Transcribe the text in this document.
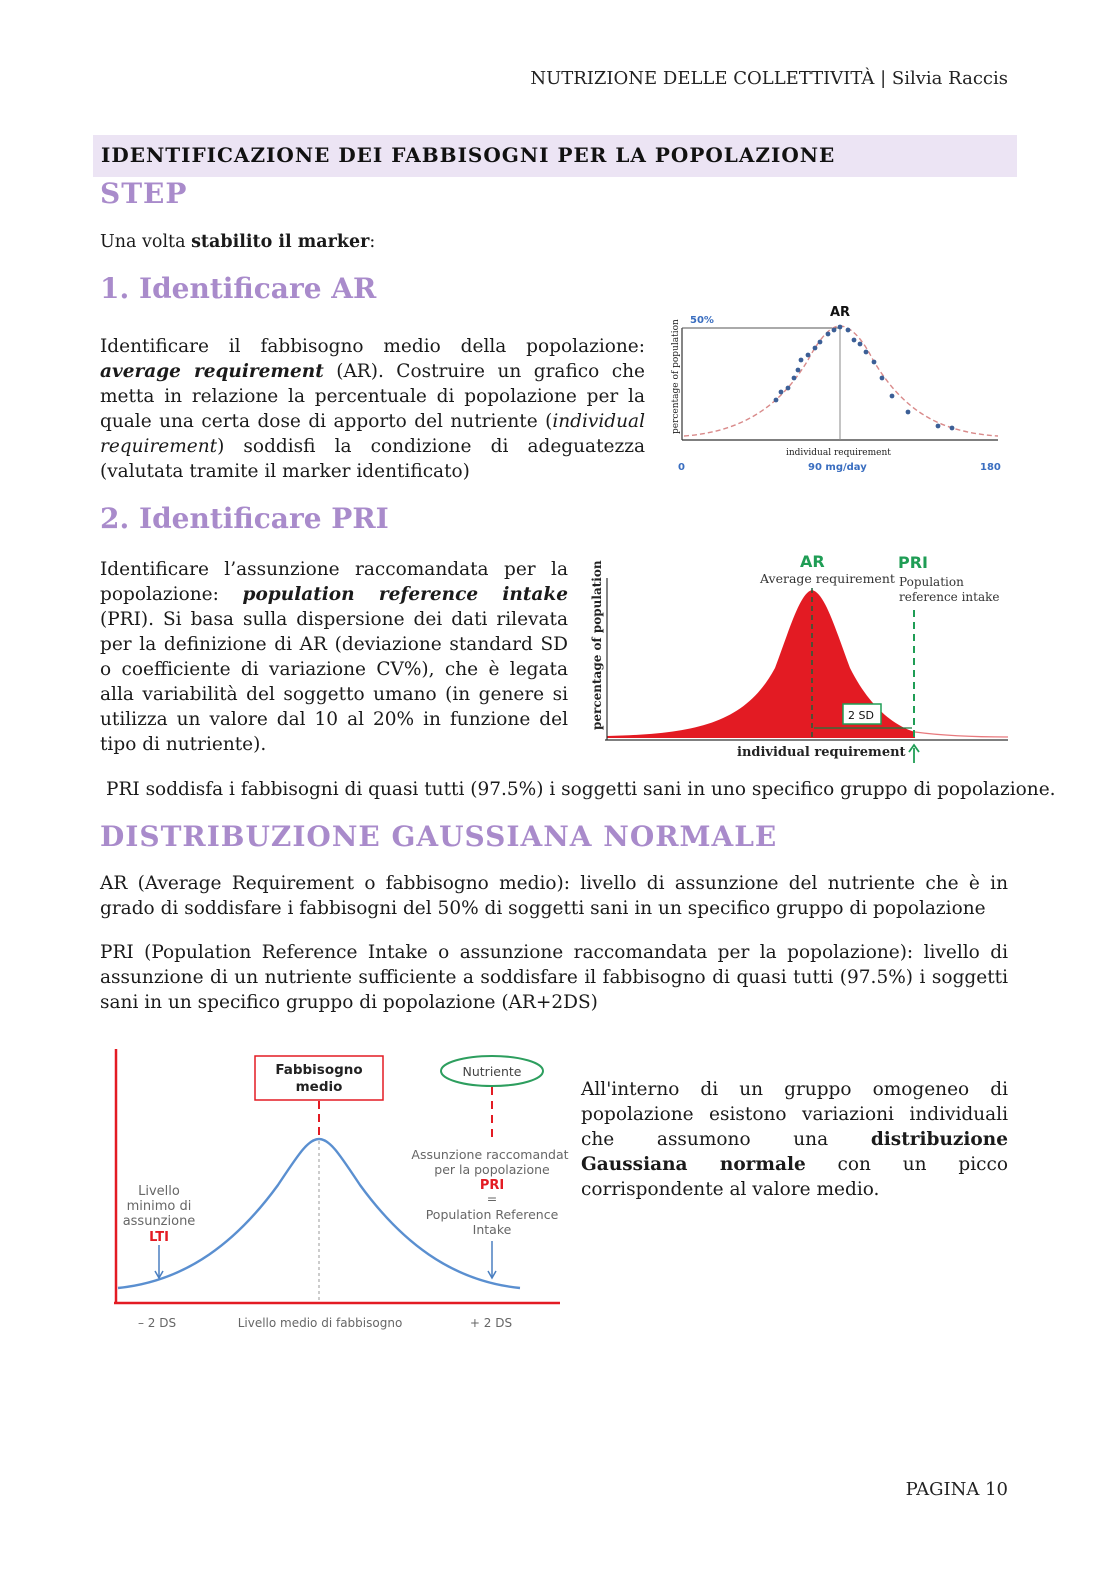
NUTRIZIONE DELLE COLLETTIVITÀ | Silvia Raccis
IDENTIFICAZIONE DEI FABBISOGNI PER LA POPOLAZIONE
STEP
Una volta stabilito il marker:
1. Identificare AR
Identificare il fabbisogno medio della popolazione: average requirement (AR). Costruire un grafico che metta in relazione la percentuale di popolazione per la quale una certa dose di apporto del nutriente (individual requirement) soddisfi la condizione di adeguatezza (valutata tramite il marker identificato)
AR
50%
percentage of population
individual requirement
0	90 mg/day	180
2. Identificare PRI
Identificare l’assunzione raccomandata per la popolazione: population reference intake (PRI). Si basa sulla dispersione dei dati rilevata per la definizione di AR (deviazione standard SD o coefficiente di variazione CV%), che è legata alla variabilità del soggetto umano (in genere si utilizza un valore dal 10 al 20% in funzione del tipo di nutriente).
2 SD
AR
Average requirement
PRI
Population
reference intake
percentage of population
individual requirement
PRI soddisfa i fabbisogni di quasi tutti (97.5%) i soggetti sani in uno specifico gruppo di popolazione.
DISTRIBUZIONE GAUSSIANA NORMALE
AR (Average Requirement o fabbisogno medio): livello di assunzione del nutriente che è in grado di soddisfare i fabbisogni del 50% di soggetti sani in un specifico gruppo di popolazione
PRI (Population Reference Intake o assunzione raccomandata per la popolazione): livello di assunzione di un nutriente sufficiente a soddisfare il fabbisogno di quasi tutti (97.5%) i soggetti sani in un specifico gruppo di popolazione (AR+2DS)
Fabbisogno
medio
Nutriente
Livello
minimo di
assunzione
LTI
Assunzione raccomandat
per la popolazione
PRI
=
Population Reference
Intake
– 2 DS	Livello medio di fabbisogno	+ 2 DS
All'interno di un gruppo omogeneo di popolazione esistono variazioni individuali che assumono una distribuzione Gaussiana normale con un picco corrispondente al valore medio.
PAGINA 10
